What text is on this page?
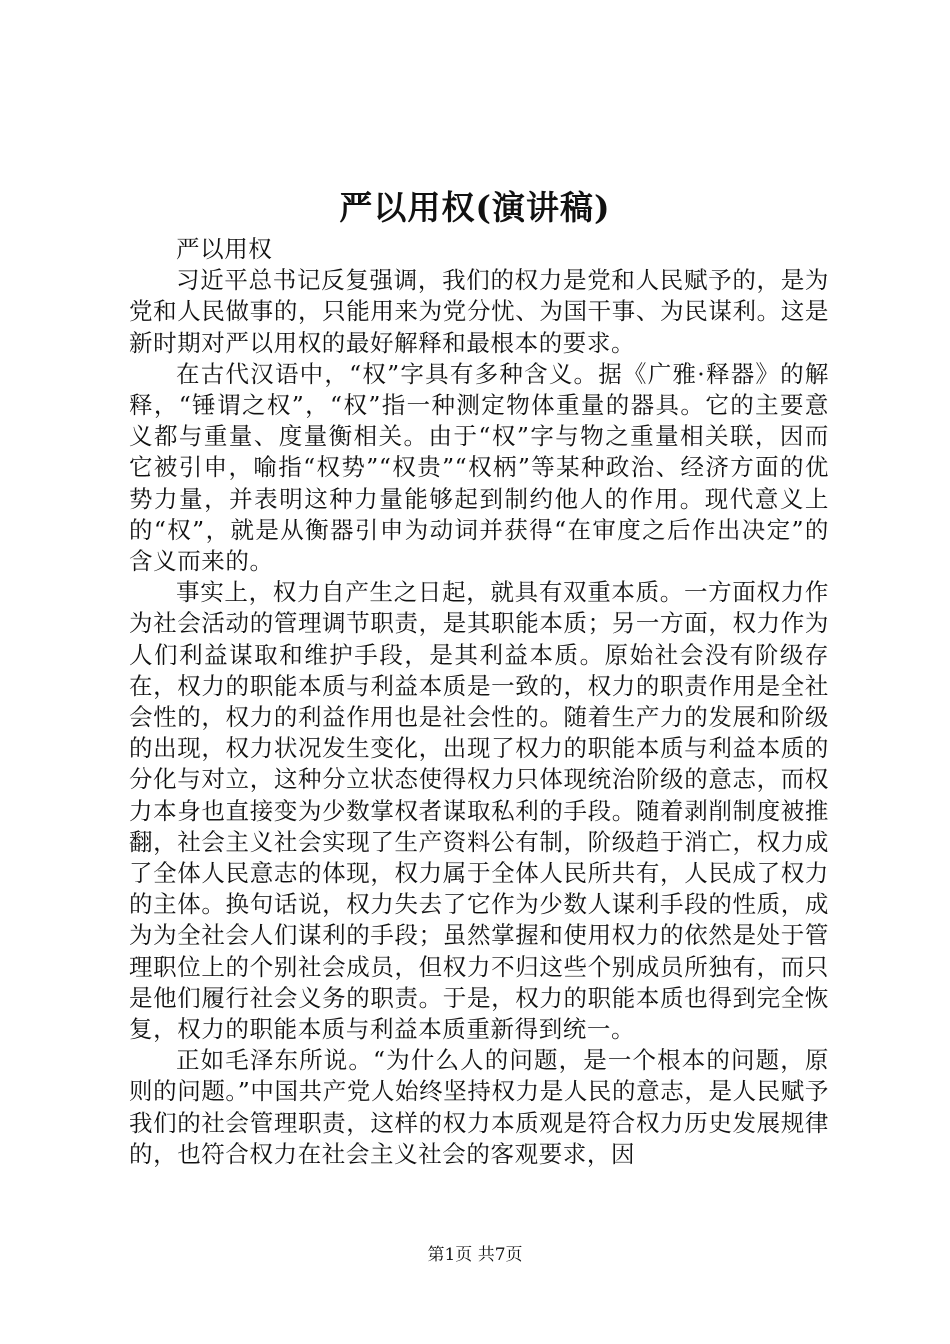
严以用权(演讲稿)

严以用权

习近平总书记反复强调，我们的权力是党和人民赋予的，是为党和人民做事的，只能用来为党分忧、为国干事、为民谋利。这是新时期对严以用权的最好解释和最根本的要求。

在古代汉语中，“权”字具有多种含义。据《广雅·释器》的解释，“锤谓之权”，“权”指一种测定物体重量的器具。它的主要意义都与重量、度量衡相关。由于“权”字与物之重量相关联，因而它被引申，喻指“权势”“权贵”“权柄”等某种政治、经济方面的优势力量，并表明这种力量能够起到制约他人的作用。现代意义上的“权”，就是从衡器引申为动词并获得“在审度之后作出决定”的含义而来的。

事实上，权力自产生之日起，就具有双重本质。一方面权力作为社会活动的管理调节职责，是其职能本质；另一方面，权力作为人们利益谋取和维护手段，是其利益本质。原始社会没有阶级存在，权力的职能本质与利益本质是一致的，权力的职责作用是全社会性的，权力的利益作用也是社会性的。随着生产力的发展和阶级的出现，权力状况发生变化，出现了权力的职能本质与利益本质的分化与对立，这种分立状态使得权力只体现统治阶级的意志，而权力本身也直接变为少数掌权者谋取私利的手段。随着剥削制度被推翻，社会主义社会实现了生产资料公有制，阶级趋于消亡，权力成了全体人民意志的体现，权力属于全体人民所共有，人民成了权力的主体。换句话说，权力失去了它作为少数人谋利手段的性质，成为为全社会人们谋利的手段；虽然掌握和使用权力的依然是处于管理职位上的个别社会成员，但权力不归这些个别成员所独有，而只是他们履行社会义务的职责。于是，权力的职能本质也得到完全恢复，权力的职能本质与利益本质重新得到统一。

正如毛泽东所说。“为什么人的问题，是一个根本的问题，原则的问题。”中国共产党人始终坚持权力是人民的意志，是人民赋予我们的社会管理职责，这样的权力本质观是符合权力历史发展规律的，也符合权力在社会主义社会的客观要求，因

第1页 共7页
